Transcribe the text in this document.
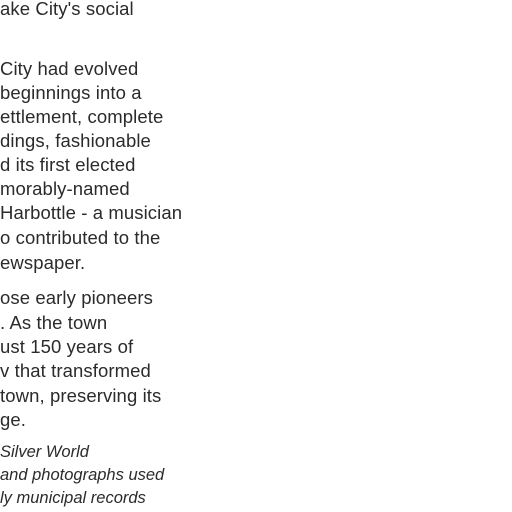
ake City's social
City had evolved
beginnings into a
ettlement, complete
dings, fashionable
d its first elected
morably-named
Harbottle - a musician
o contributed to the
ewspaper.
ose early pioneers
. As the town
ust 150 years of
v that transformed
town, preserving its
ge.
Silver World
and photographs used
ly municipal records
